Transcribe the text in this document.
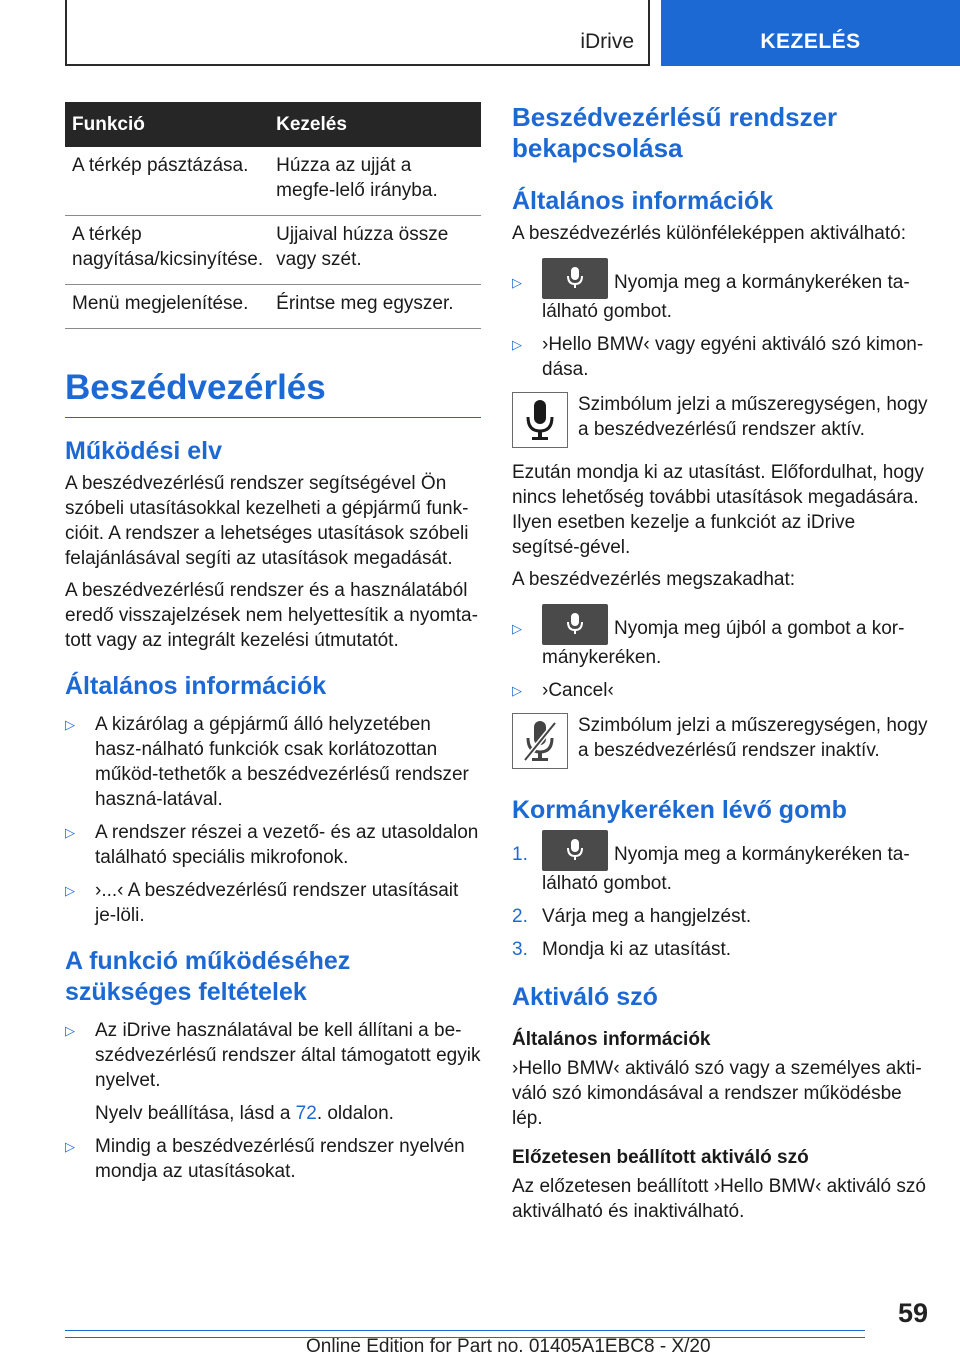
iDrive	KEZELÉS
Funkció	Kezelés
A térkép pásztázása.	Húzza az ujját a megfe-lelő irányba.
A térkép nagyítása/kicsinyítése.	Ujjaival húzza össze vagy szét.
Menü megjelenítése.	Érintse meg egyszer.
Beszédvezérlés
Működési elv

A beszédvezérlésű rendszer segítségével Ön szóbeli utasításokkal kezelheti a gépjármű funk-cióit. A rendszer a lehetséges utasítások szóbeli felajánlásával segíti az utasítások megadását.

A beszédvezérlésű rendszer és a használatából eredő visszajelzések nem helyettesítik a nyomta-tott vagy az integrált kezelési útmutatót.

Általános információk
▷ A kizárólag a gépjármű álló helyzetében hasz-nálható funkciók csak korlátozottan működ-tethetők a beszédvezérlésű rendszer haszná-latával.
▷ A rendszer részei a vezető- és az utasoldalon található speciális mikrofonok.
▷ ›...‹ A beszédvezérlésű rendszer utasításait je-löli.
A funkció működéséhez szükséges feltételek
▷ Az iDrive használatával be kell állítani a be-szédvezérlésű rendszer által támogatott egyik nyelvet.
Nyelv beállítása, lásd a 72. oldalon.
▷ Mindig a beszédvezérlésű rendszer nyelvén mondja az utasításokat.
Beszédvezérlésű rendszer bekapcsolása
Általános információk

A beszédvezérlés különféleképpen aktiválható:

▷	Nyomja meg a kormánykeréken ta-lálható gombot.
▷ ›Hello BMW‹ vagy egyéni aktiváló szó kimon-dása.

Szimbólum jelzi a műszeregységen, hogy a beszédvezérlésű rendszer aktív.

Ezután mondja ki az utasítást. Előfordulhat, hogy nincs lehetőség további utasítások megadására. Ilyen esetben kezelje a funkciót az iDrive segítsé-gével.

A beszédvezérlés megszakadhat:

▷	Nyomja meg újból a gombot a kor-mánykeréken.
▷ ›Cancel‹

Szimbólum jelzi a műszeregységen, hogy a beszédvezérlésű rendszer inaktív.

Kormánykeréken lévő gomb
1.	Nyomja meg a kormánykeréken ta-lálható gombot.
2. Várja meg a hangjelzést.
3. Mondja ki az utasítást.
Aktiváló szó
Általános információk

›Hello BMW‹ aktiváló szó vagy a személyes akti-váló szó kimondásával a rendszer működésbe lép.

Előzetesen beállított aktiváló szó

Az előzetesen beállított ›Hello BMW‹ aktiváló szó aktiválható és inaktiválható.

59
Online Edition for Part no. 01405A1EBC8 - X/20
